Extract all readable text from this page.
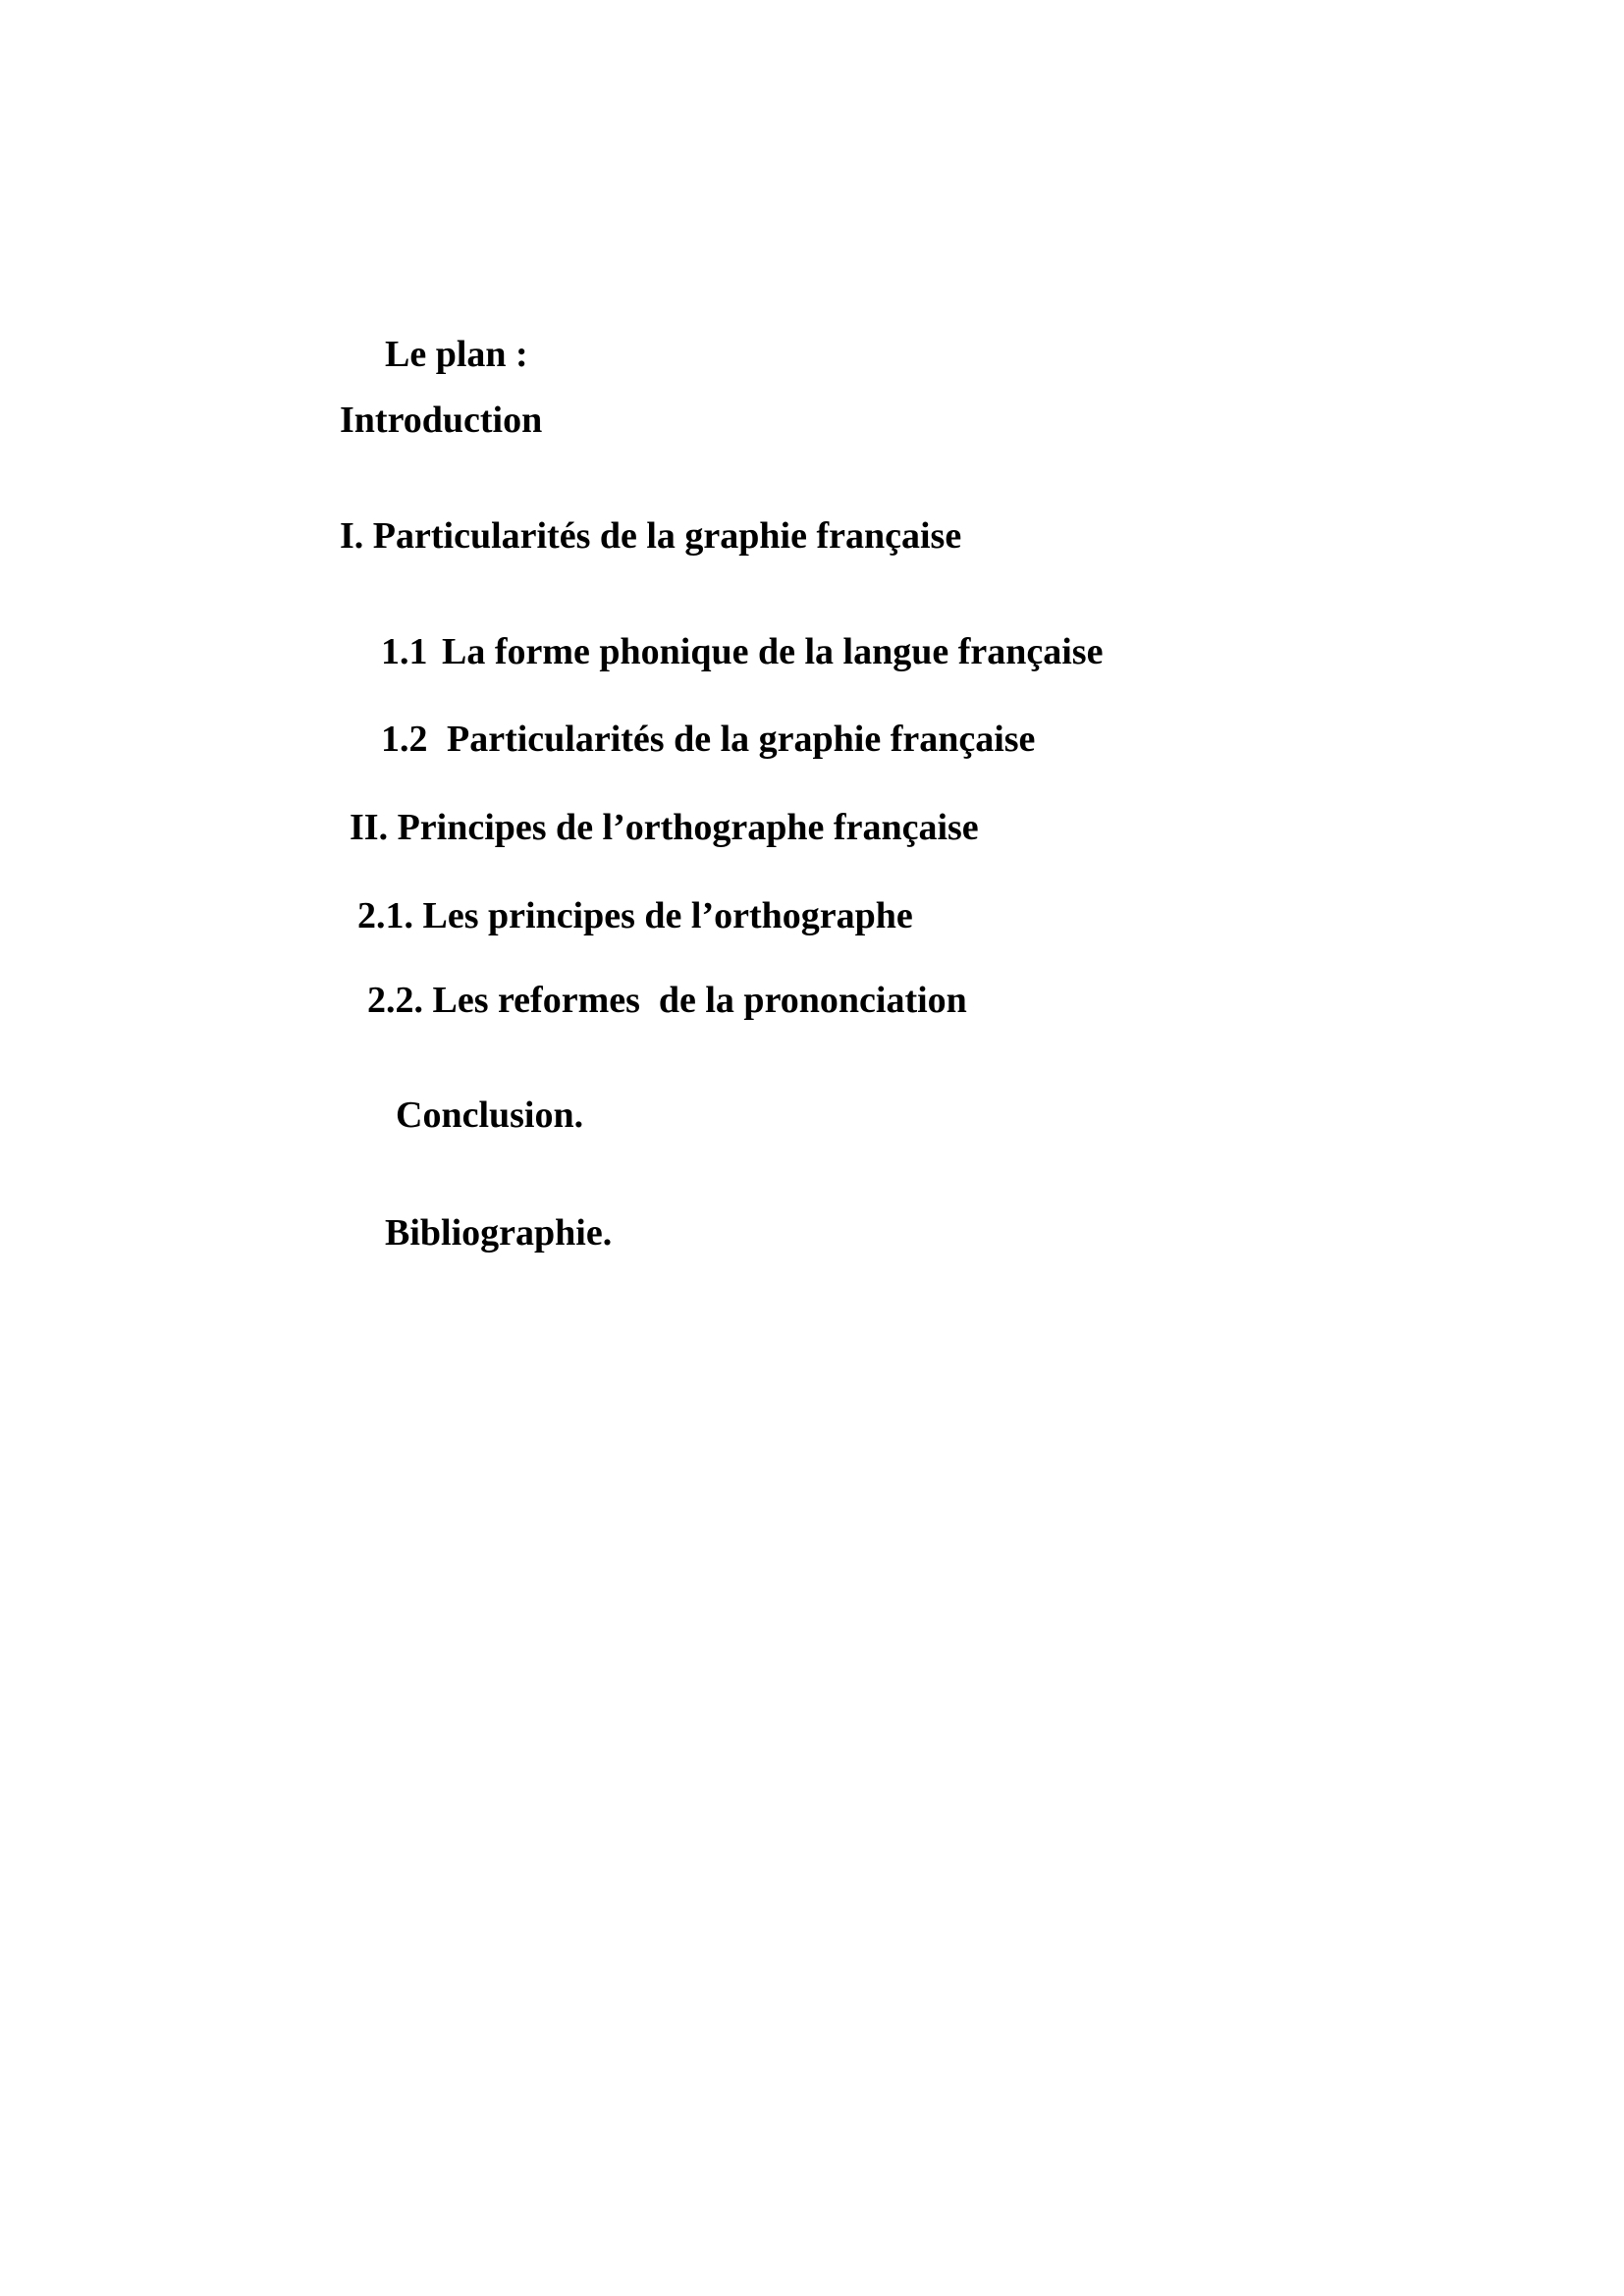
Le plan :

Introduction

I. Particularités de la graphie française

1.1 La forme phonique de la langue française

1.2 Particularités de la graphie française

II. Principes de l’orthographe française

2.1. Les principes de l’orthographe

2.2. Les reformes  de la prononciation

Conclusion.

Bibliographie.
